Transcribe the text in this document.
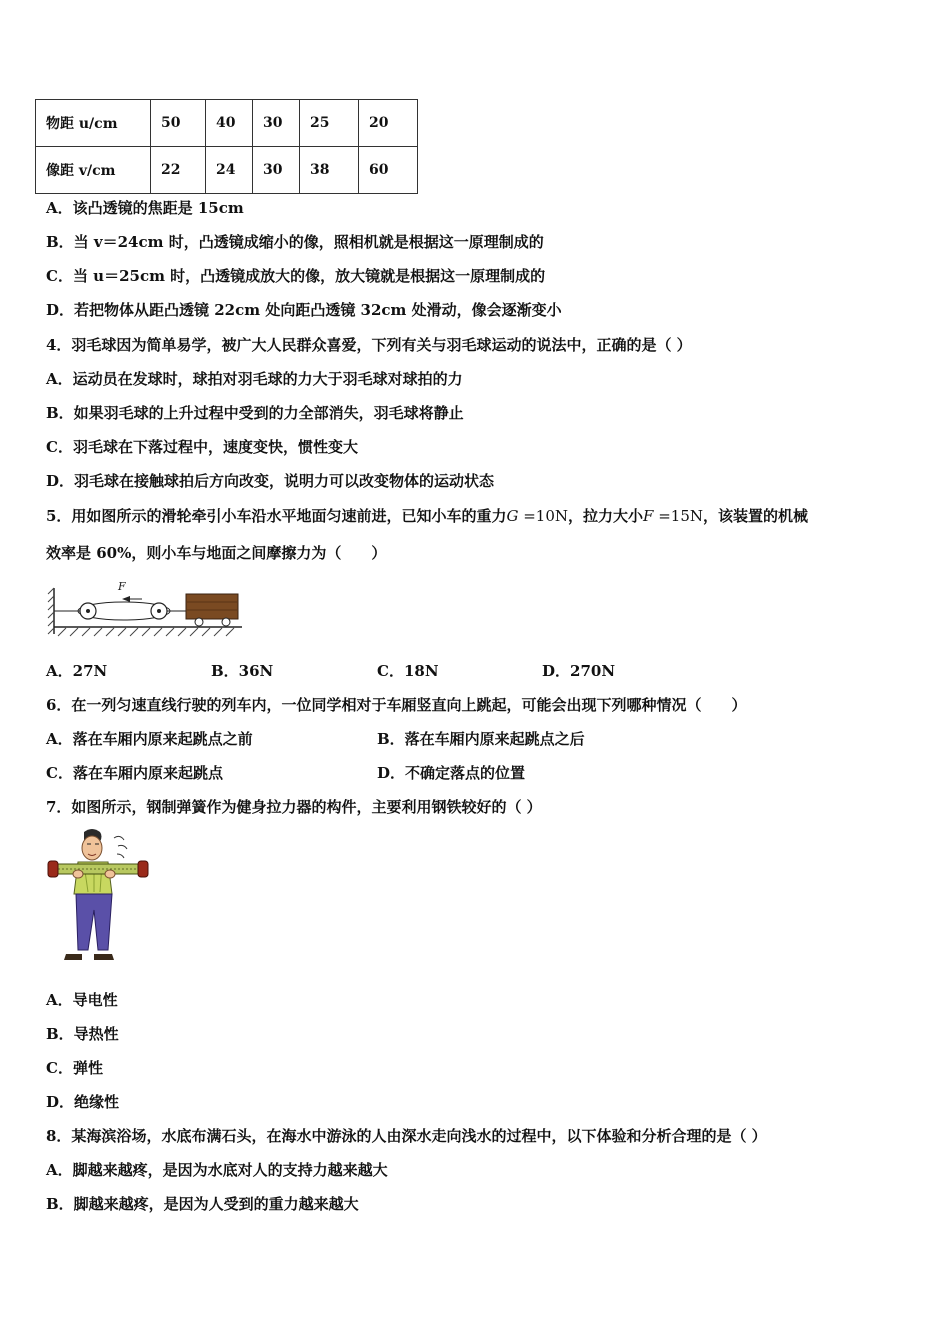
物距 u/cm	50	40	30	25	20
像距 v/cm	22	24	30	38	60
A．该凸透镜的焦距是 15cm
B．当 v＝24cm 时，凸透镜成缩小的像，照相机就是根据这一原理制成的
C．当 u＝25cm 时，凸透镜成放大的像，放大镜就是根据这一原理制成的
D．若把物体从距凸透镜 22cm 处向距凸透镜 32cm 处滑动，像会逐渐变小
4．羽毛球因为简单易学，被广大人民群众喜爱，下列有关与羽毛球运动的说法中，正确的是（ ）
A．运动员在发球时，球拍对羽毛球的力大于羽毛球对球拍的力
B．如果羽毛球的上升过程中受到的力全部消失，羽毛球将静止
C．羽毛球在下落过程中，速度变快，惯性变大
D．羽毛球在接触球拍后方向改变，说明力可以改变物体的运动状态
5．用如图所示的滑轮牵引小车沿水平地面匀速前进，已知小车的重力G =10N，拉力大小F =15N，该装置的机械
效率是 60%，则小车与地面之间摩擦力为（　　）
F
A．27N	B．36N	C．18N	D．270N
6．在一列匀速直线行驶的列车内，一位同学相对于车厢竖直向上跳起，可能会出现下列哪种情况（　　）
A．落在车厢内原来起跳点之前	B．落在车厢内原来起跳点之后
C．落在车厢内原来起跳点	D．不确定落点的位置
7．如图所示，钢制弹簧作为健身拉力器的构件，主要利用钢铁较好的（ ）
A．导电性
B．导热性
C．弹性
D．绝缘性
8．某海滨浴场，水底布满石头，在海水中游泳的人由深水走向浅水的过程中，以下体验和分析合理的是（ ）
A．脚越来越疼，是因为水底对人的支持力越来越大
B．脚越来越疼，是因为人受到的重力越来越大
